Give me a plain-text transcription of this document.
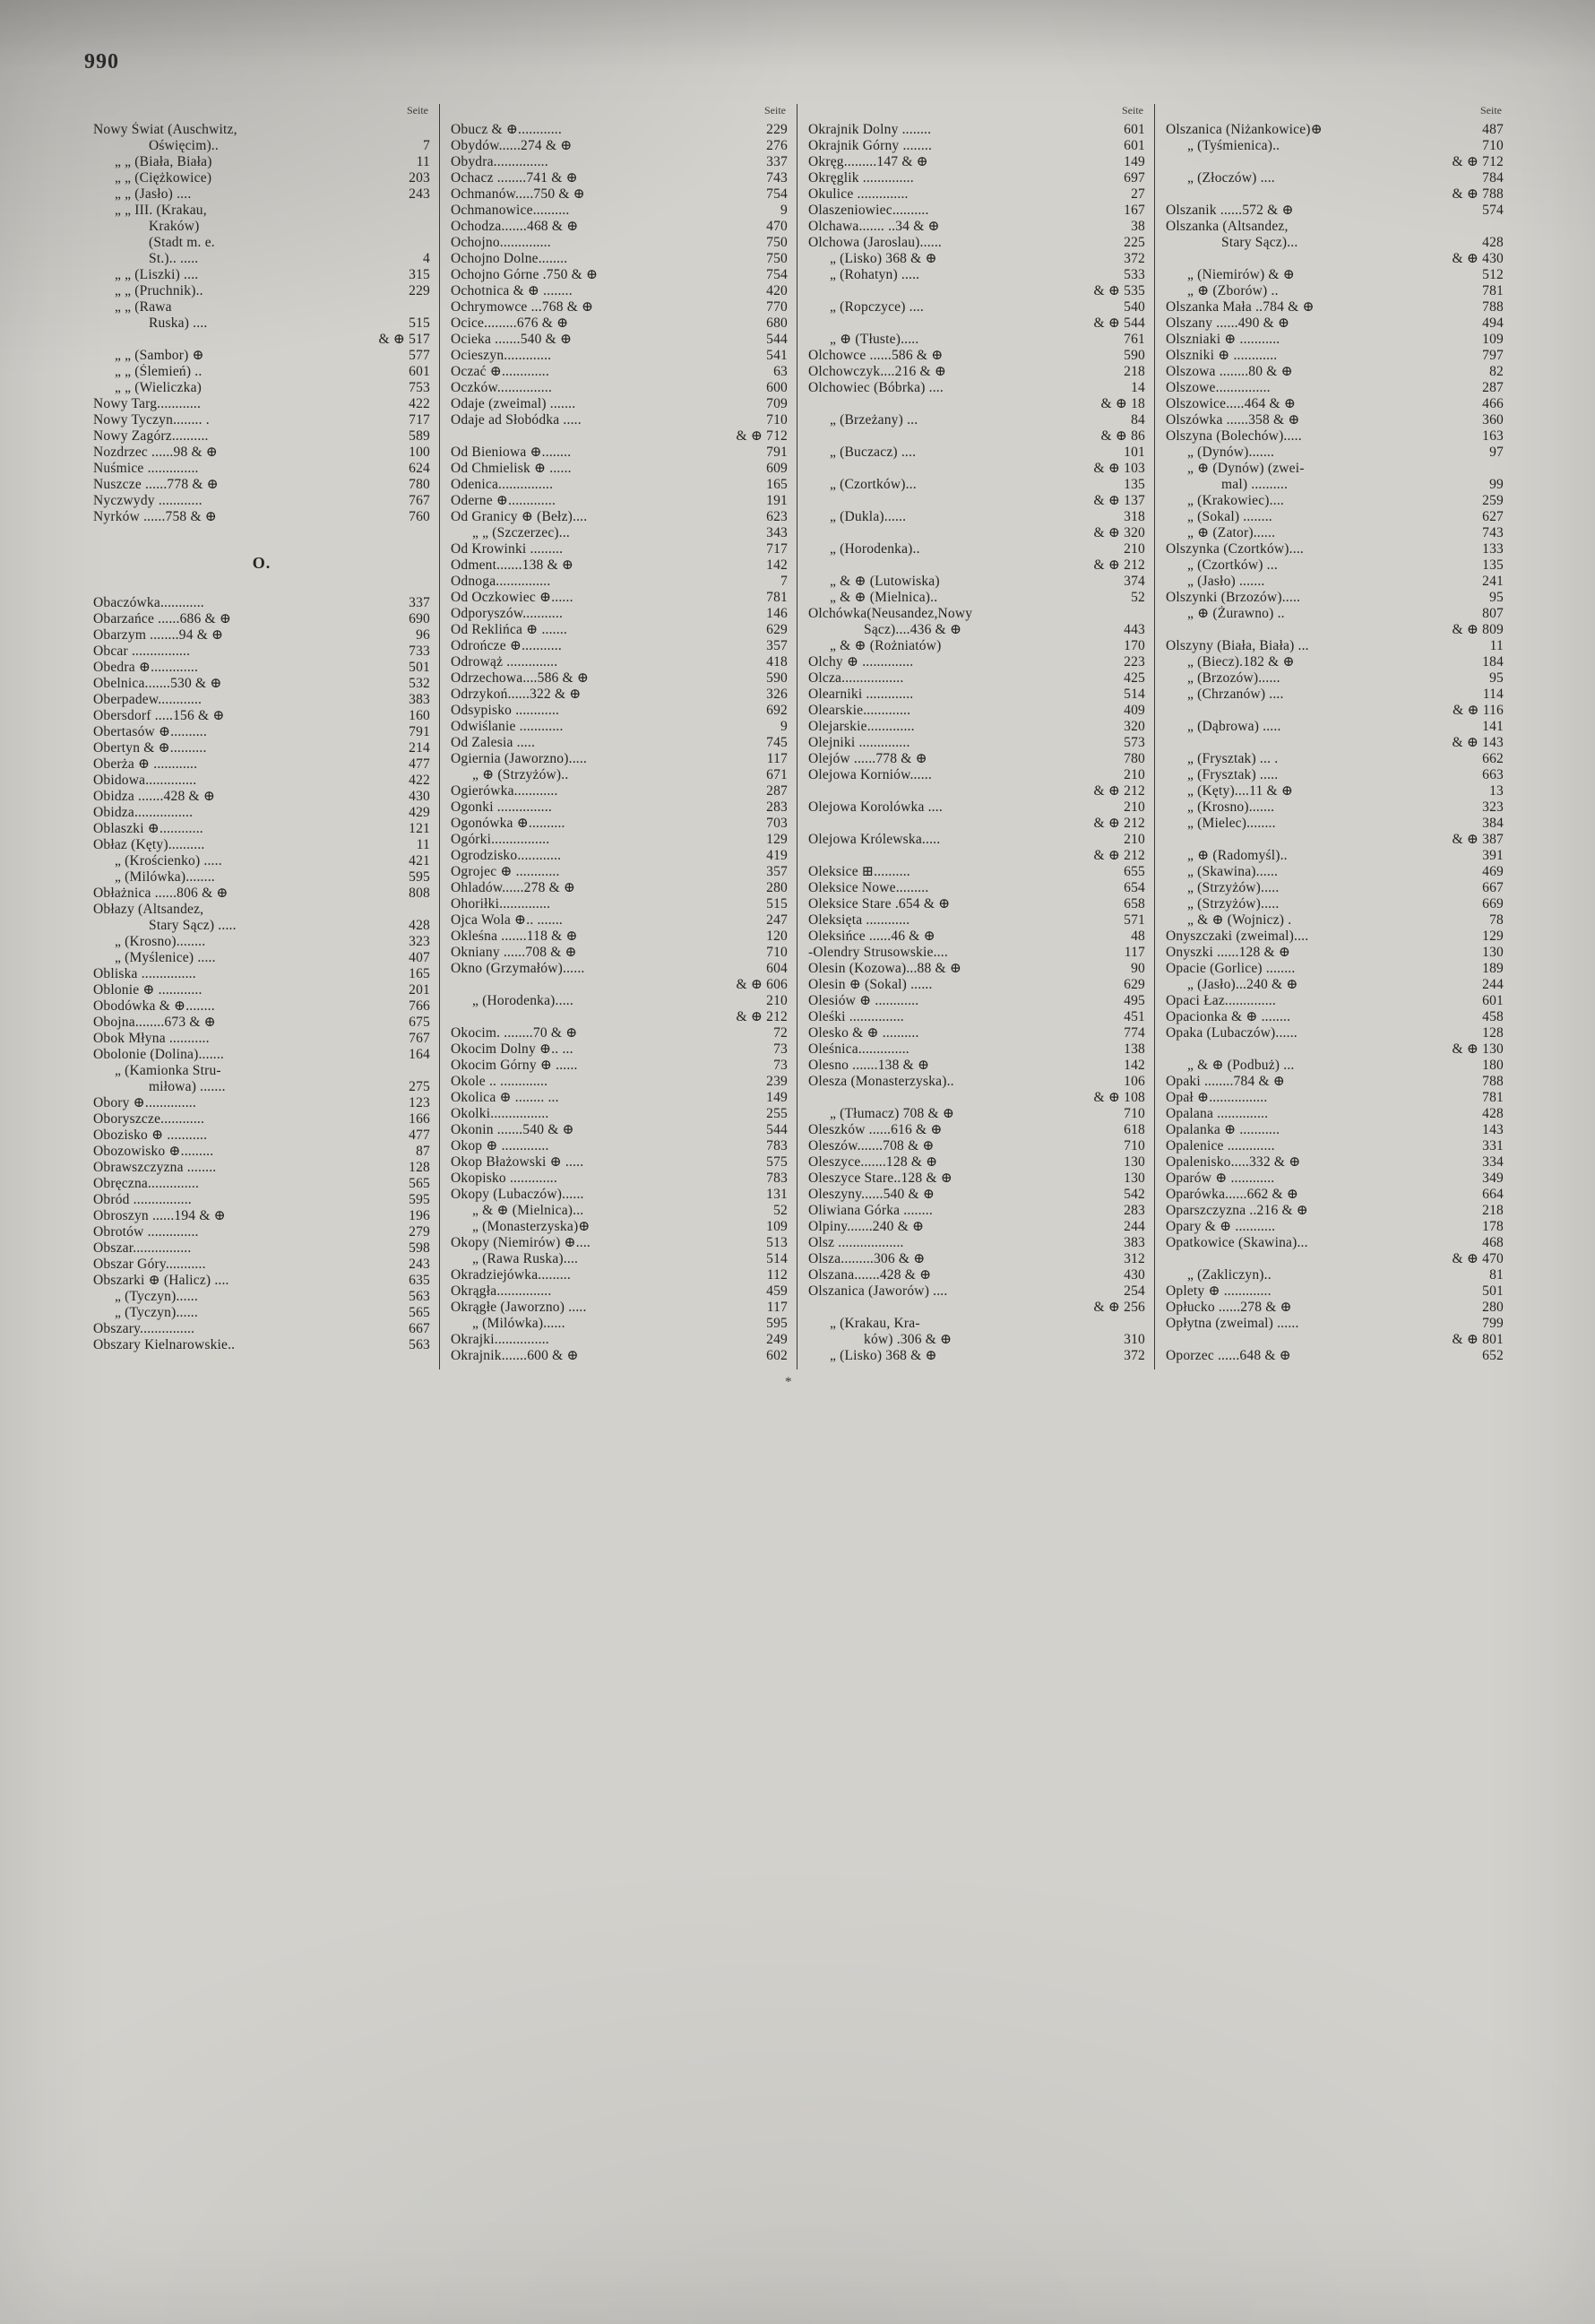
990
Seite
Nowy Świat (Auschwitz,
Oświęcim)..	7
„ „ (Biała, Biała)	11
„ „ (Ciężkowice)	203
„ „ (Jasło) ....	243
„ „ III. (Krakau,
Kraków)
(Stadt m. e.
St.).. .....	4
„ „ (Liszki) ....	315
„ „ (Pruchnik)..	229
„ „ (Rawa
Ruska) ....	515
& ⊕ 517
„ „ (Sambor) ⊕	577
„ „ (Ślemień) ..	601
„ „ (Wieliczka)	753
Nowy Targ............	422
Nowy Tyczyn........ .	717
Nowy Zagórz..........	589
Nozdrzec ......98 & ⊕	100
Nuśmice ..............	624
Nuszcze ......778 & ⊕	780
Nyczwydy ............	767
Nyrków ......758 & ⊕	760
O.
Obaczówka............	337
Obarzańce ......686 & ⊕	690
Obarzym ........94 & ⊕	96
Obcar ................	733
Obedra ⊕.............	501
Obelnica.......530 & ⊕	532
Oberpadew............	383
Obersdorf .....156 & ⊕	160
Obertasów ⊕..........	791
Obertyn & ⊕..........	214
Oberża ⊕ ............	477
Obidowa..............	422
Obidza .......428 & ⊕	430
Obidza................	429
Oblaszki ⊕............	121
Obłaz (Kęty)..........	11
„ (Krościenko) .....	421
„ (Milówka)........	595
Obłażnica ......806 & ⊕	808
Obłazy (Altsandez,
Stary Sącz) .....	428
„ (Krosno)........	323
„ (Myślenice) .....	407
Obliska ...............	165
Oblonie ⊕ ............	201
Obodówka & ⊕........	766
Obojna........673 & ⊕	675
Obok Młyna ...........	767
Obolonie (Dolina).......	164
„ (Kamionka Stru-
miłowa) .......	275
Obory ⊕..............	123
Oboryszcze............	166
Obozisko ⊕ ...........	477
Obozowisko ⊕.........	87
Obrawszczyzna ........	128
Obręczna..............	565
Obród ................	595
Obroszyn ......194 & ⊕	196
Obrotów ..............	279
Obszar................	598
Obszar Góry...........	243
Obszarki ⊕ (Halicz) ....	635
„ (Tyczyn)......	563
„ (Tyczyn)......	565
Obszary...............	667
Obszary Kielnarowskie..	563
Seite
Obucz & ⊕............	229
Obydów......274 & ⊕	276
Obydra...............	337
Ochacz ........741 & ⊕	743
Ochmanów.....750 & ⊕	754
Ochmanowice..........	9
Ochodza.......468 & ⊕	470
Ochojno..............	750
Ochojno Dolne........	750
Ochojno Górne .750 & ⊕	754
Ochotnica & ⊕ ........	420
Ochrymowce ...768 & ⊕	770
Ocice.........676 & ⊕	680
Ocieka .......540 & ⊕	544
Ocieszyn.............	541
Oczać ⊕.............	63
Oczków...............	600
Odaje (zweimal) .......	709
Odaje ad Słobódka .....	710
& ⊕ 712
Od Bieniowa ⊕........	791
Od Chmielisk ⊕ ......	609
Odenica...............	165
Oderne ⊕.............	191
Od Granicy ⊕ (Bełz)....	623
„ „ (Szczerzec)...	343
Od Krowinki .........	717
Odment.......138 & ⊕	142
Odnoga...............	7
Od Oczkowiec ⊕......	781
Odporyszów...........	146
Od Reklińca ⊕ .......	629
Odrończe ⊕...........	357
Odrowąż ..............	418
Odrzechowa....586 & ⊕	590
Odrzykoń......322 & ⊕	326
Odsypisko ............	692
Odwiślanie ............	9
Od Zalesia .....	745
Ogiernia (Jaworzno).....	117
„ ⊕ (Strzyżów)..	671
Ogierówka............	287
Ogonki ...............	283
Ogonówka ⊕..........	703
Ogórki................	129
Ogrodzisko............	419
Ogrojec ⊕ ............	357
Ohladów......278 & ⊕	280
Ohoriłki..............	515
Ojca Wola ⊕.. .......	247
Okleśna .......118 & ⊕	120
Okniany ......708 & ⊕	710
Okno (Grzymałów)......	604
& ⊕ 606
„ (Horodenka).....	210
& ⊕ 212
Okocim. ........70 & ⊕	72
Okocim Dolny ⊕.. ...	73
Okocim Górny ⊕ ......	73
Okole .. .............	239
Okolica ⊕ ........ ...	149
Okolki................	255
Okonin .......540 & ⊕	544
Okop ⊕ .............	783
Okop Błażowski ⊕ .....	575
Okopisko .............	783
Okopy (Lubaczów)......	131
„ & ⊕ (Mielnica)...	52
„ (Monasterzyska)⊕	109
Okopy (Niemirów) ⊕....	513
„ (Rawa Ruska)....	514
Okradziejówka.........	112
Okrągła...............	459
Okrągłe (Jaworzno) .....	117
„ (Milówka)......	595
Okrajki...............	249
Okrajnik.......600 & ⊕	602
Seite
Okrajnik Dolny ........	601
Okrajnik Górny ........	601
Okręg.........147 & ⊕	149
Okręglik ..............	697
Okulice ..............	27
Olaszeniowiec..........	167
Olchawa....... ..34 & ⊕	38
Olchowa (Jaroslau)......	225
„ (Lisko) 368 & ⊕	372
„ (Rohatyn) .....	533
& ⊕ 535
„ (Ropczyce) ....	540
& ⊕ 544
„ ⊕ (Tłuste).....	761
Olchowce ......586 & ⊕	590
Olchowczyk....216 & ⊕	218
Olchowiec (Bóbrka) ....	14
& ⊕ 18
„ (Brzeżany) ...	84
& ⊕ 86
„ (Buczacz) ....	101
& ⊕ 103
„ (Czortków)...	135
& ⊕ 137
„ (Dukla)......	318
& ⊕ 320
„ (Horodenka)..	210
& ⊕ 212
„ & ⊕ (Lutowiska)	374
„ & ⊕ (Mielnica)..	52
Olchówka(Neusandez,Nowy
Sącz)....436 & ⊕	443
„ & ⊕ (Rożniatów)	170
Olchy ⊕ ..............	223
Olcza.................	425
Olearniki .............	514
Olearskie.............	409
Olejarskie.............	320
Olejniki ..............	573
Olejów ......778 & ⊕	780
Olejowa Korniów......	210
& ⊕ 212
Olejowa Korolówka ....	210
& ⊕ 212
Olejowa Królewska.....	210
& ⊕ 212
Oleksice ⊞..........	655
Oleksice Nowe.........	654
Oleksice Stare .654 & ⊕	658
Oleksięta ............	571
Oleksińce ......46 & ⊕	48
-Olendry Strusowskie....	117
Olesin (Kozowa)...88 & ⊕	90
Olesin ⊕ (Sokal) ......	629
Olesiów ⊕ ............	495
Oleśki ...............	451
Olesko & ⊕ ..........	774
Oleśnica..............	138
Olesno .......138 & ⊕	142
Olesza (Monasterzyska)..	106
& ⊕ 108
„ (Tłumacz) 708 & ⊕	710
Oleszków ......616 & ⊕	618
Oleszów.......708 & ⊕	710
Oleszyce.......128 & ⊕	130
Oleszyce Stare..128 & ⊕	130
Oleszyny......540 & ⊕	542
Oliwiana Górka ........	283
Olpiny.......240 & ⊕	244
Olsz ..................	383
Olsza.........306 & ⊕	312
Olszana.......428 & ⊕	430
Olszanica (Jaworów) ....	254
& ⊕ 256
„ (Krakau, Kra-
ków) .306 & ⊕	310
„ (Lisko) 368 & ⊕	372
Seite
Olszanica (Niżankowice)⊕	487
„ (Tyśmienica)..	710
& ⊕ 712
„ (Złoczów) ....	784
& ⊕ 788
Olszanik ......572 & ⊕	574
Olszanka (Altsandez,
Stary Sącz)...	428
& ⊕ 430
„ (Niemirów) & ⊕	512
„ ⊕ (Zborów) ..	781
Olszanka Mała ..784 & ⊕	788
Olszany ......490 & ⊕	494
Olszniaki ⊕ ...........	109
Olszniki ⊕ ............	797
Olszowa ........80 & ⊕	82
Olszowe...............	287
Olszowice.....464 & ⊕	466
Olszówka ......358 & ⊕	360
Olszyna (Bolechów).....	163
„ (Dynów).......	97
„ ⊕ (Dynów) (zwei-
mal) ..........	99
„ (Krakowiec)....	259
„ (Sokal) ........	627
„ ⊕ (Zator)......	743
Olszynka (Czortków)....	133
„ (Czortków) ...	135
„ (Jasło) .......	241
Olszynki (Brzozów).....	95
„ ⊕ (Żurawno) ..	807
& ⊕ 809
Olszyny (Biała, Biała) ...	11
„ (Biecz).182 & ⊕	184
„ (Brzozów)......	95
„ (Chrzanów) ....	114
& ⊕ 116
„ (Dąbrowa) .....	141
& ⊕ 143
„ (Frysztak) ... .	662
„ (Frysztak) .....	663
„ (Kęty)....11 & ⊕	13
„ (Krosno).......	323
„ (Mielec)........	384
& ⊕ 387
„ ⊕ (Radomyśl)..	391
„ (Skawina)......	469
„ (Strzyżów).....	667
„ (Strzyżów).....	669
„ & ⊕ (Wojnicz) .	78
Onyszczaki (zweimal)....	129
Onyszki ......128 & ⊕	130
Opacie (Gorlice) ........	189
„ (Jasło)...240 & ⊕	244
Opaci Łaz..............	601
Opacionka & ⊕ ........	458
Opaka (Lubaczów)......	128
& ⊕ 130
„ & ⊕ (Podbuż) ...	180
Opaki ........784 & ⊕	788
Opał ⊕................	781
Opalana ..............	428
Opalanka ⊕ ...........	143
Opalenice .............	331
Opalenisko.....332 & ⊕	334
Oparów ⊕ ............	349
Oparówka......662 & ⊕	664
Oparszczyzna ..216 & ⊕	218
Opary & ⊕ ...........	178
Opatkowice (Skawina)...	468
& ⊕ 470
„ (Zakliczyn)..	81
Oplety ⊕ .............	501
Opłucko ......278 & ⊕	280
Opłytna (zweimal) ......	799
& ⊕ 801
Oporzec ......648 & ⊕	652
*
